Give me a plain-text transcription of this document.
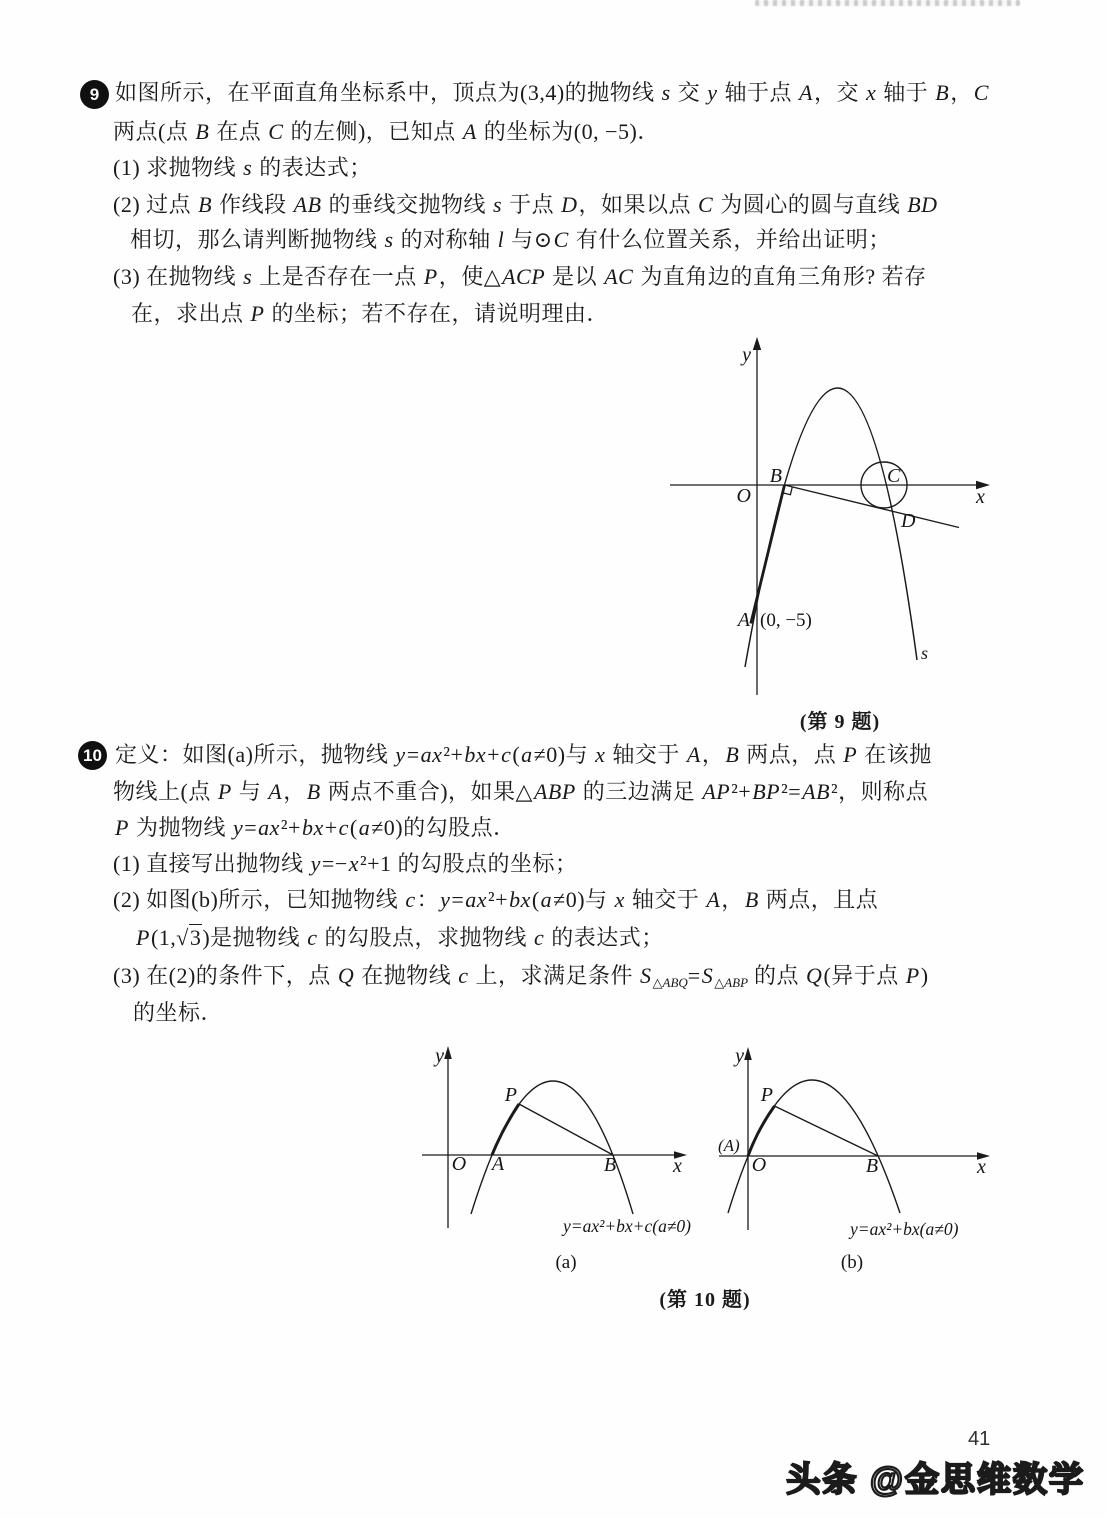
9 如图所示，在平面直角坐标系中，顶点为(3,4)的抛物线 s 交 y 轴于点 A，交 x 轴于 B，C
两点(点 B 在点 C 的左侧)，已知点 A 的坐标为(0, −5)．
(1) 求抛物线 s 的表达式；
(2) 过点 B 作线段 AB 的垂线交抛物线 s 于点 D，如果以点 C 为圆心的圆与直线 BD
相切，那么请判断抛物线 s 的对称轴 l 与⊙C 有什么位置关系，并给出证明；
(3) 在抛物线 s 上是否存在一点 P，使△ACP 是以 AC 为直角边的直角三角形? 若存
在，求出点 P 的坐标；若不存在，请说明理由．
y
x
O
B	C
D
A (0, −5)
s
(第 9 题)
10 定义：如图(a)所示，抛物线 y=ax²+bx+c(a≠0)与 x 轴交于 A，B 两点，点 P 在该抛
物线上(点 P 与 A，B 两点不重合)，如果△ABP 的三边满足 AP²+BP²=AB²，则称点
P 为抛物线 y=ax²+bx+c(a≠0)的勾股点．
(1) 直接写出抛物线 y=−x²+1 的勾股点的坐标；
(2) 如图(b)所示，已知抛物线 c：y=ax²+bx(a≠0)与 x 轴交于 A，B 两点，且点
P(1,√3)是抛物线 c 的勾股点，求抛物线 c 的表达式；
(3) 在(2)的条件下，点 Q 在抛物线 c 上，求满足条件 S△ABQ=S△ABP 的点 Q(异于点 P)
的坐标．
y
x
O A	B
P
y=ax²+bx+c(a≠0)
(a)
y
x
O
(A)
B
P
y=ax²+bx(a≠0)
(b)
(第 10 题)
41
头条 @金思维数学
